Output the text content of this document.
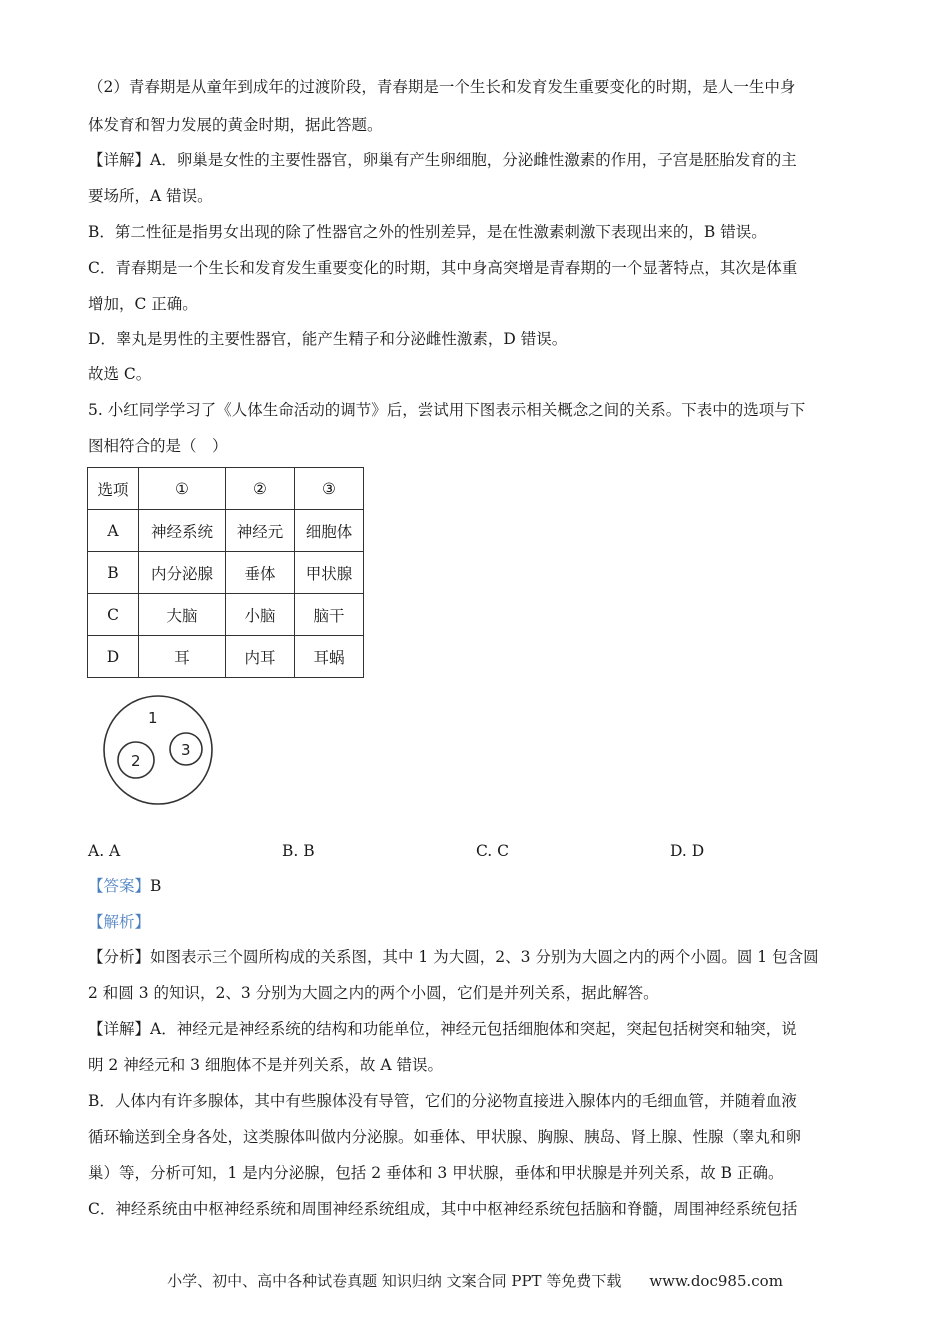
（2）青春期是从童年到成年的过渡阶段，青春期是一个生长和发育发生重要变化的时期，是人一生中身
体发育和智力发展的黄金时期，据此答题。
【详解】A．卵巢是女性的主要性器官，卵巢有产生卵细胞，分泌雌性激素的作用，子宫是胚胎发育的主
要场所，A 错误。
B．第二性征是指男女出现的除了性器官之外的性别差异，是在性激素刺激下表现出来的，B 错误。
C．青春期是一个生长和发育发生重要变化的时期，其中身高突增是青春期的一个显著特点，其次是体重
增加，C 正确。
D．睾丸是男性的主要性器官，能产生精子和分泌雌性激素，D 错误。
故选 C。
5. 小红同学学习了《人体生命活动的调节》后，尝试用下图表示相关概念之间的关系。下表中的选项与下
图相符合的是（　）
选项	①	②	③
A	神经系统	神经元	细胞体
B	内分泌腺	垂体	甲状腺
C	大脑	小脑	脑干
D	耳	内耳	耳蜗
1
2
3
A. A	B. B	C. C	D. D
【答案】B
【解析】
【分析】如图表示三个圆所构成的关系图，其中 1 为大圆，2、3 分别为大圆之内的两个小圆。圆 1 包含圆
2 和圆 3 的知识，2、3 分别为大圆之内的两个小圆，它们是并列关系，据此解答。
【详解】A．神经元是神经系统的结构和功能单位，神经元包括细胞体和突起，突起包括树突和轴突，说
明 2 神经元和 3 细胞体不是并列关系，故 A 错误。
B．人体内有许多腺体，其中有些腺体没有导管，它们的分泌物直接进入腺体内的毛细血管，并随着血液
循环输送到全身各处，这类腺体叫做内分泌腺。如垂体、甲状腺、胸腺、胰岛、肾上腺、性腺（睾丸和卵
巢）等，分析可知，1 是内分泌腺，包括 2 垂体和 3 甲状腺，垂体和甲状腺是并列关系，故 B 正确。
C．神经系统由中枢神经系统和周围神经系统组成，其中中枢神经系统包括脑和脊髓，周围神经系统包括
小学、初中、高中各种试卷真题 知识归纳 文案合同 PPT 等免费下载 www.doc985.com
